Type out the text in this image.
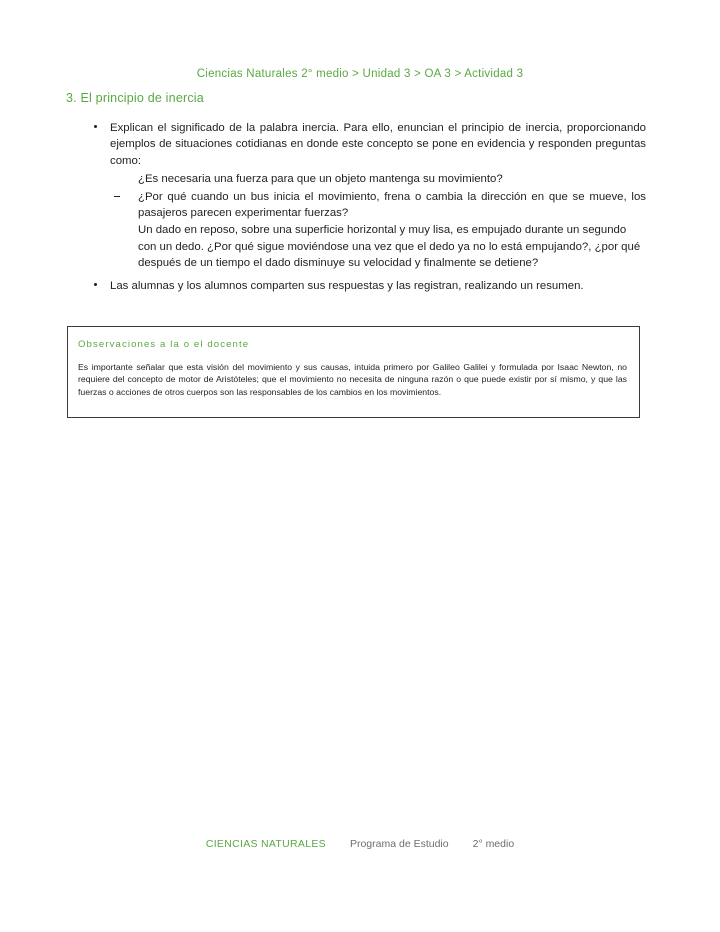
Ciencias Naturales 2° medio > Unidad 3 > OA 3 > Actividad 3
3. El principio de inercia
Explican el significado de la palabra inercia. Para ello, enuncian el principio de inercia, proporcionando ejemplos de situaciones cotidianas en donde este concepto se pone en evidencia y responden preguntas como:
¿Es necesaria una fuerza para que un objeto mantenga su movimiento?
¿Por qué cuando un bus inicia el movimiento, frena o cambia la dirección en que se mueve, los pasajeros parecen experimentar fuerzas?
Un dado en reposo, sobre una superficie horizontal y muy lisa, es empujado durante un segundo con un dedo. ¿Por qué sigue moviéndose una vez que el dedo ya no lo está empujando?, ¿por qué después de un tiempo el dado disminuye su velocidad y finalmente se detiene?
Las alumnas y los alumnos comparten sus respuestas y las registran, realizando un resumen.
Observaciones a la o el docente
Es importante señalar que esta visión del movimiento y sus causas, intuida primero por Galileo Galilei y formulada por Isaac Newton, no requiere del concepto de motor de Aristóteles; que el movimiento no necesita de ninguna razón o que puede existir por sí mismo, y que las fuerzas o acciones de otros cuerpos son las responsables de los cambios en los movimientos.
CIENCIAS NATURALES Programa de Estudio 2° medio
